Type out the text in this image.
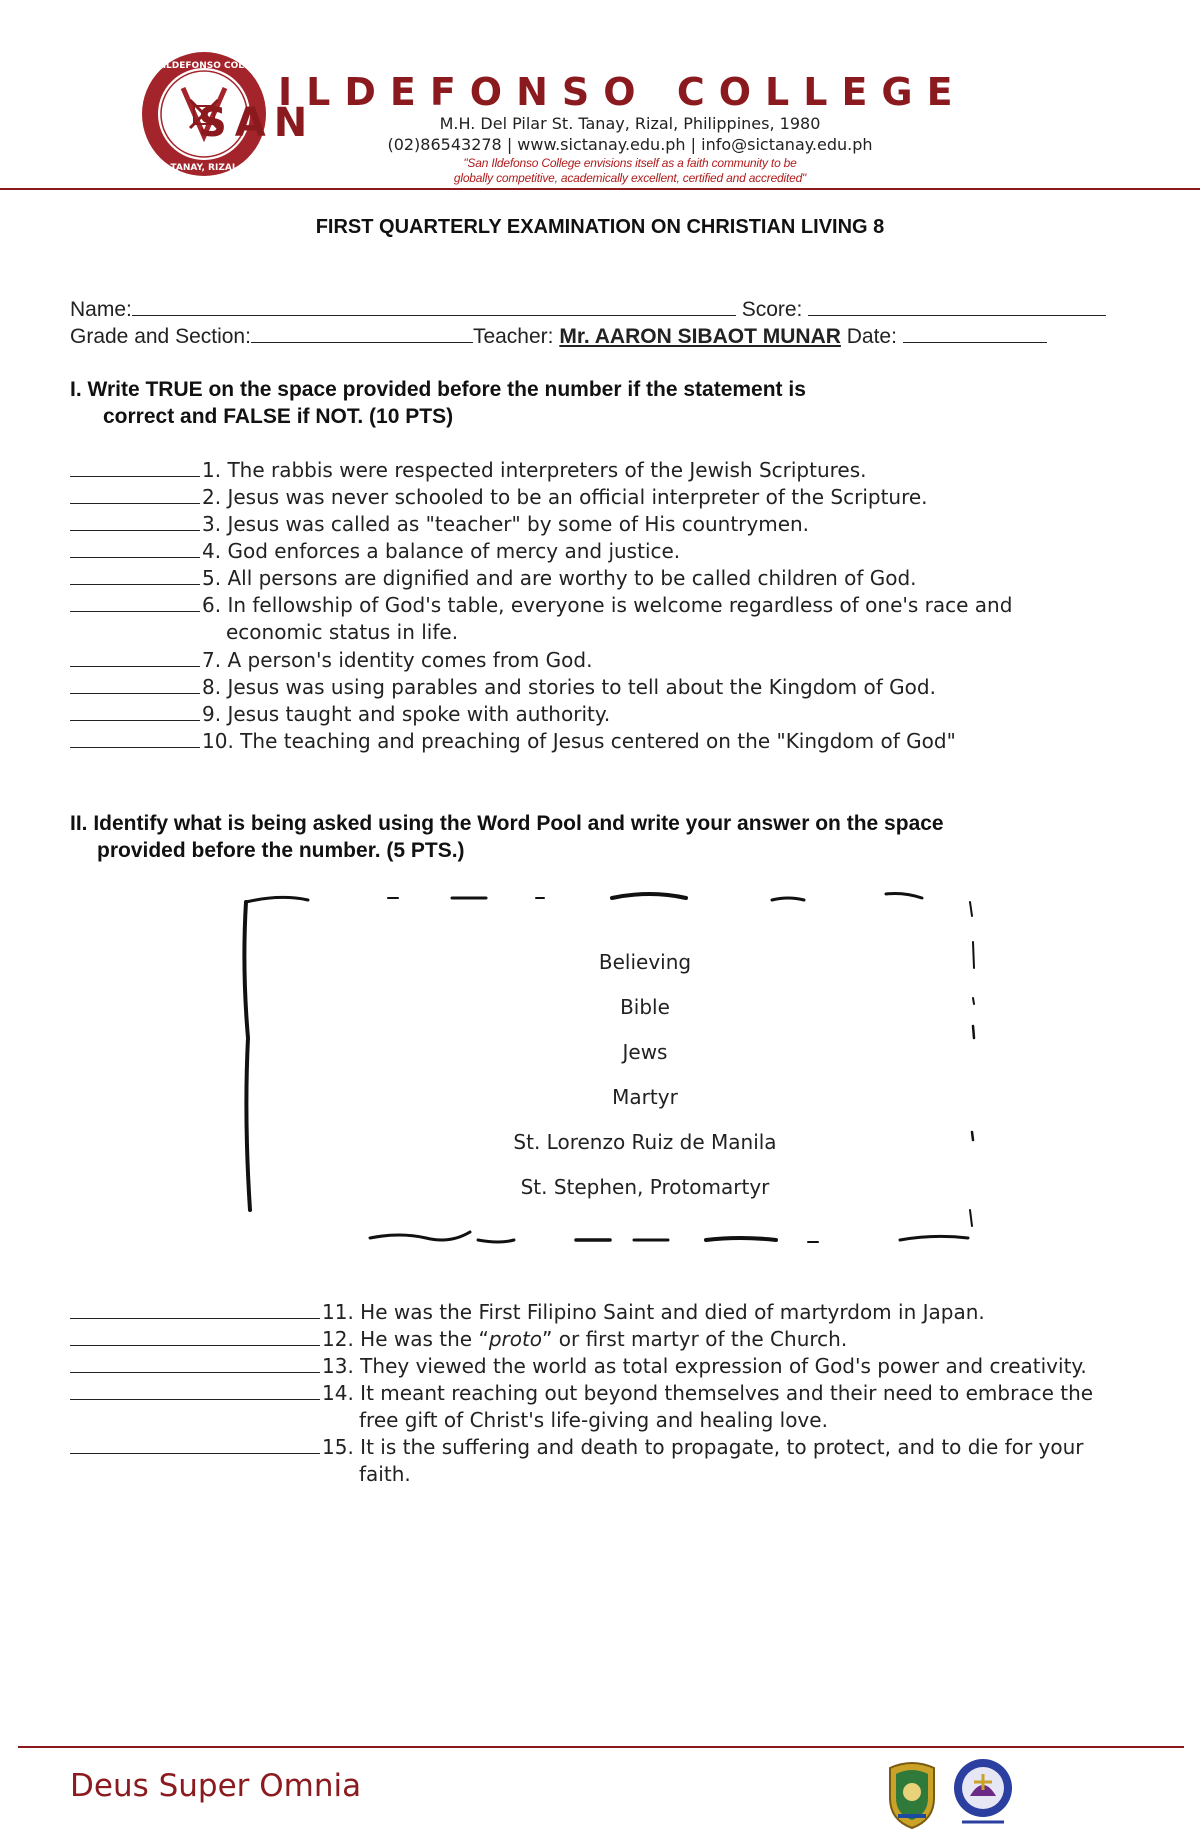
SAN ILDEFONSO COLLEGE
TANAY, RIZAL
SAN
ILDEFONSO COLLEGE
M.H. Del Pilar St. Tanay, Rizal, Philippines, 1980
(02)86543278 | www.sictanay.edu.ph | info@sictanay.edu.ph
"San Ildefonso College envisions itself as a faith community to be
globally competitive, academically excellent, certified and accredited"
FIRST QUARTERLY EXAMINATION ON CHRISTIAN LIVING 8
Name:	Score:
Grade and Section:	Teacher: Mr. AARON SIBAOT MUNAR Date:
I. Write TRUE on the space provided before the number if the statement is
correct and FALSE if NOT. (10 PTS)
1. The rabbis were respected interpreters of the Jewish Scriptures.
2. Jesus was never schooled to be an official interpreter of the Scripture.
3. Jesus was called as "teacher" by some of His countrymen.
4. God enforces a balance of mercy and justice.
5. All persons are dignified and are worthy to be called children of God.
6. In fellowship of God's table, everyone is welcome regardless of one's race and
economic status in life.
7. A person's identity comes from God.
8. Jesus was using parables and stories to tell about the Kingdom of God.
9. Jesus taught and spoke with authority.
10. The teaching and preaching of Jesus centered on the "Kingdom of God"
II. Identify what is being asked using the Word Pool and write your answer on the space
provided before the number. (5 PTS.)
Believing
Bible
Jews
Martyr
St. Lorenzo Ruiz de Manila
St. Stephen, Protomartyr
11. He was the First Filipino Saint and died of martyrdom in Japan.
12. He was the “proto” or first martyr of the Church.
13. They viewed the world as total expression of God's power and creativity.
14. It meant reaching out beyond themselves and their need to embrace the
free gift of Christ's life-giving and healing love.
15. It is the suffering and death to propagate, to protect, and to die for your
faith.
Deus Super Omnia
